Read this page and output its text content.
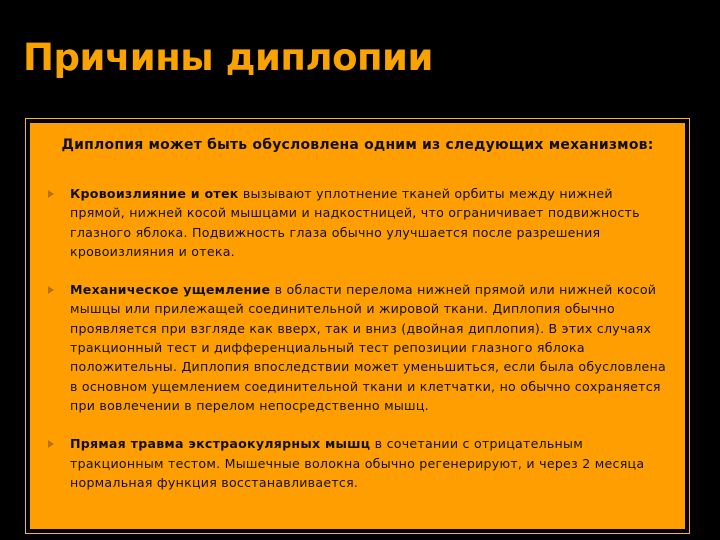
Причины диплопии

Диплопия может быть обусловлена одним из следующих механизмов:

Кровоизлияние и отек вызывают уплотнение тканей орбиты между нижней прямой, нижней косой мышцами и надкостницей, что ограничивает подвижность глазного яблока. Подвижность глаза обычно улучшается после разрешения кровоизлияния и отека.
Механическое ущемление в области перелома нижней прямой или нижней косой мышцы или прилежащей соединительной и жировой ткани. Диплопия обычно проявляется при взгляде как вверх, так и вниз (двойная диплопия). В этих случаях тракционный тест и дифференциальный тест репозиции глазного яблока положительны. Диплопия впоследствии может уменьшиться, если была обусловлена в основном ущемлением соединительной ткани и клетчатки, но обычно сохраняется при вовлечении в перелом непосредственно мышц.
Прямая травма экстраокулярных мышц в сочетании с отрицательным тракционным тестом. Мышечные волокна обычно регенерируют, и через 2 месяца нормальная функция восстанавливается.
